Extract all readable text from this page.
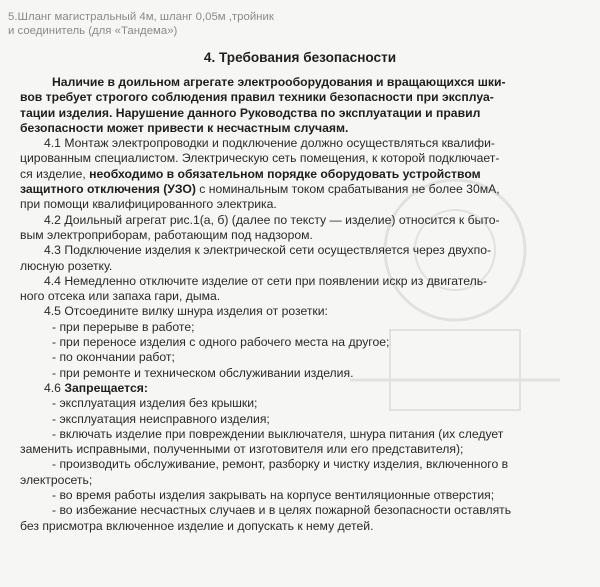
5.Шланг магистральный 4м, шланг 0,05м ,тройник
и соединитель (для «Тандема»)
4. Требования безопасности
Наличие в доильном агрегате электрооборудования и вращающихся шки-
вов требует строгого соблюдения правил техники безопасности при эксплуа-
тации изделия. Нарушение данного Руководства по эксплуатации и правил
безопасности может привести к несчастным случаям.
4.1 Монтаж электропроводки и подключение должно осуществляться квалифи-
цированным специалистом. Электрическую сеть помещения, к которой подключает-
ся изделие, необходимо в обязательном порядке оборудовать устройством
защитного отключения (УЗО) с номинальным током срабатывания не более 30мА,
при помощи квалифицированного электрика.
4.2 Доильный агрегат рис.1(а, б) (далее по тексту — изделие) относится к быто-
вым электроприборам, работающим под надзором.
4.3 Подключение изделия к электрической сети осуществляется через двухпо-
люсную розетку.
4.4 Немедленно отключите изделие от сети при появлении искр из двигатель-
ного отсека или запаха гари, дыма.
4.5 Отсоедините вилку шнура изделия от розетки:
- при перерыве в работе;
- при переносе изделия с одного рабочего места на другое;
- по окончании работ;
- при ремонте и техническом обслуживании изделия.
4.6 Запрещается:
- эксплуатация изделия без крышки;
- эксплуатация неисправного изделия;
- включать изделие при повреждении выключателя, шнура питания (их следует
заменить исправными, полученными от изготовителя или его представителя);
- производить обслуживание, ремонт, разборку и чистку изделия, включенного в
электросеть;
- во время работы изделия закрывать на корпусе вентиляционные отверстия;
- во избежание несчастных случаев и в целях пожарной безопасности оставлять
без присмотра включенное изделие и допускать к нему детей.
